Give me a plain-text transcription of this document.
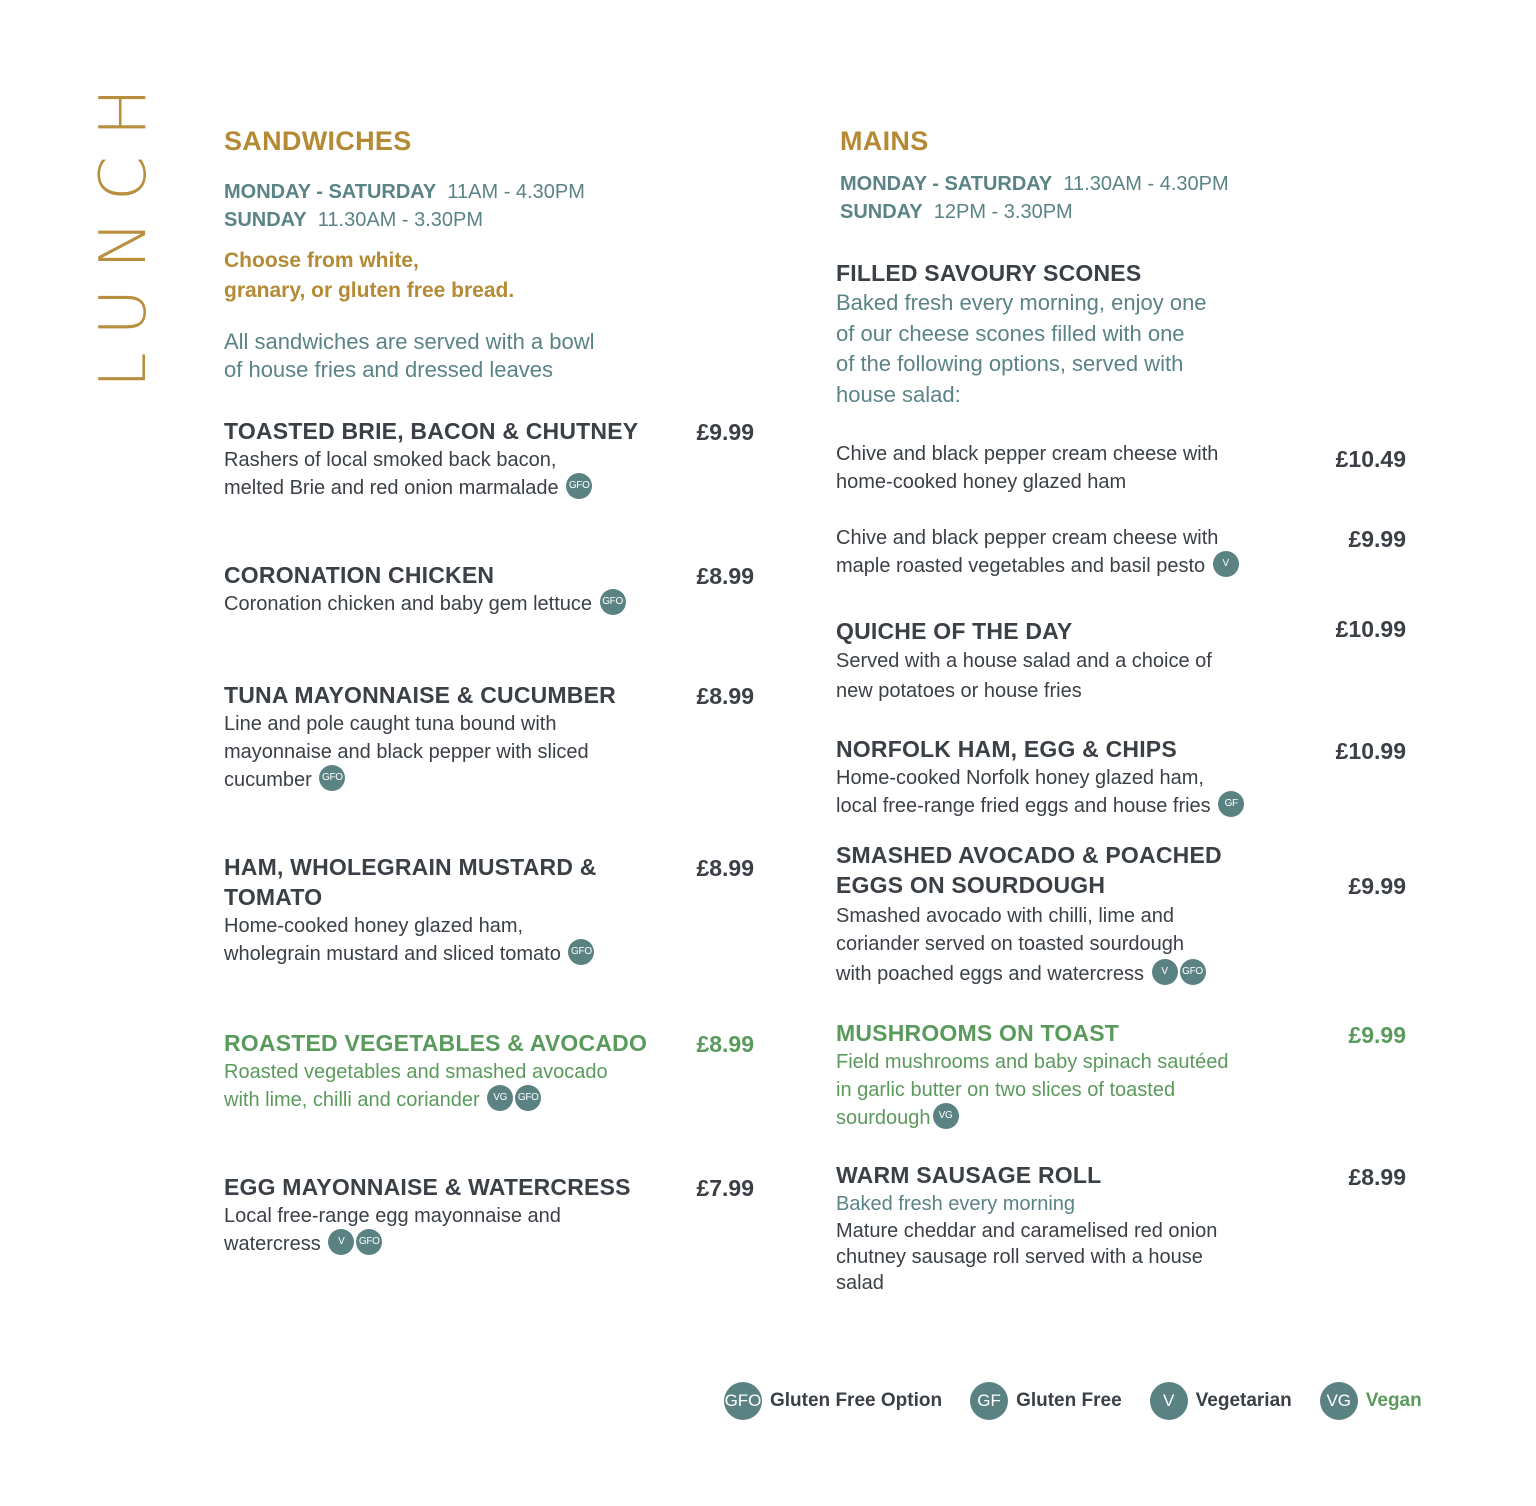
LUNCH SANDWICHES
MONDAY - SATURDAY 11AM - 4.30PM
SUNDAY 11.30AM - 3.30PM
Choose from white,
granary, or gluten free bread.
All sandwiches are served with a bowl
of house fries and dressed leaves
TOASTED BRIE, BACON & CHUTNEY	£9.99
Rashers of local smoked back bacon,
melted Brie and red onion marmalade GFO
CORONATION CHICKEN	£8.99
Coronation chicken and baby gem lettuce GFO
TUNA MAYONNAISE & CUCUMBER	£8.99
Line and pole caught tuna bound with
mayonnaise and black pepper with sliced
cucumber GFO
HAM, WHOLEGRAIN MUSTARD &
TOMATO
£8.99
Home-cooked honey glazed ham,
wholegrain mustard and sliced tomato GFO
ROASTED VEGETABLES & AVOCADO	£8.99
Roasted vegetables and smashed avocado
with lime, chilli and coriander VG GFO
EGG MAYONNAISE & WATERCRESS	£7.99
Local free-range egg mayonnaise and
watercress V GFO
MAINS
MONDAY - SATURDAY 11.30AM - 4.30PM
SUNDAY 12PM - 3.30PM
FILLED SAVOURY SCONES
Baked fresh every morning, enjoy one
of our cheese scones filled with one
of the following options, served with
house salad:
Chive and black pepper cream cheese with
home-cooked honey glazed ham
£10.49
Chive and black pepper cream cheese with
maple roasted vegetables and basil pesto V
£9.99
QUICHE OF THE DAY	£10.99
Served with a house salad and a choice of
new potatoes or house fries
NORFOLK HAM, EGG & CHIPS	£10.99
Home-cooked Norfolk honey glazed ham,
local free-range fried eggs and house fries GF
SMASHED AVOCADO & POACHED
EGGS ON SOURDOUGH	£9.99
Smashed avocado with chilli, lime and
coriander served on toasted sourdough
with poached eggs and watercress V GFO
MUSHROOMS ON TOAST	£9.99
Field mushrooms and baby spinach sautéed
in garlic butter on two slices of toasted
sourdough VG
WARM SAUSAGE ROLL	£8.99
Baked fresh every morning
Mature cheddar and caramelised red onion
chutney sausage roll served with a house
salad
GFO Gluten Free Option	GF Gluten Free	V	Vegetarian	VG Vegan
